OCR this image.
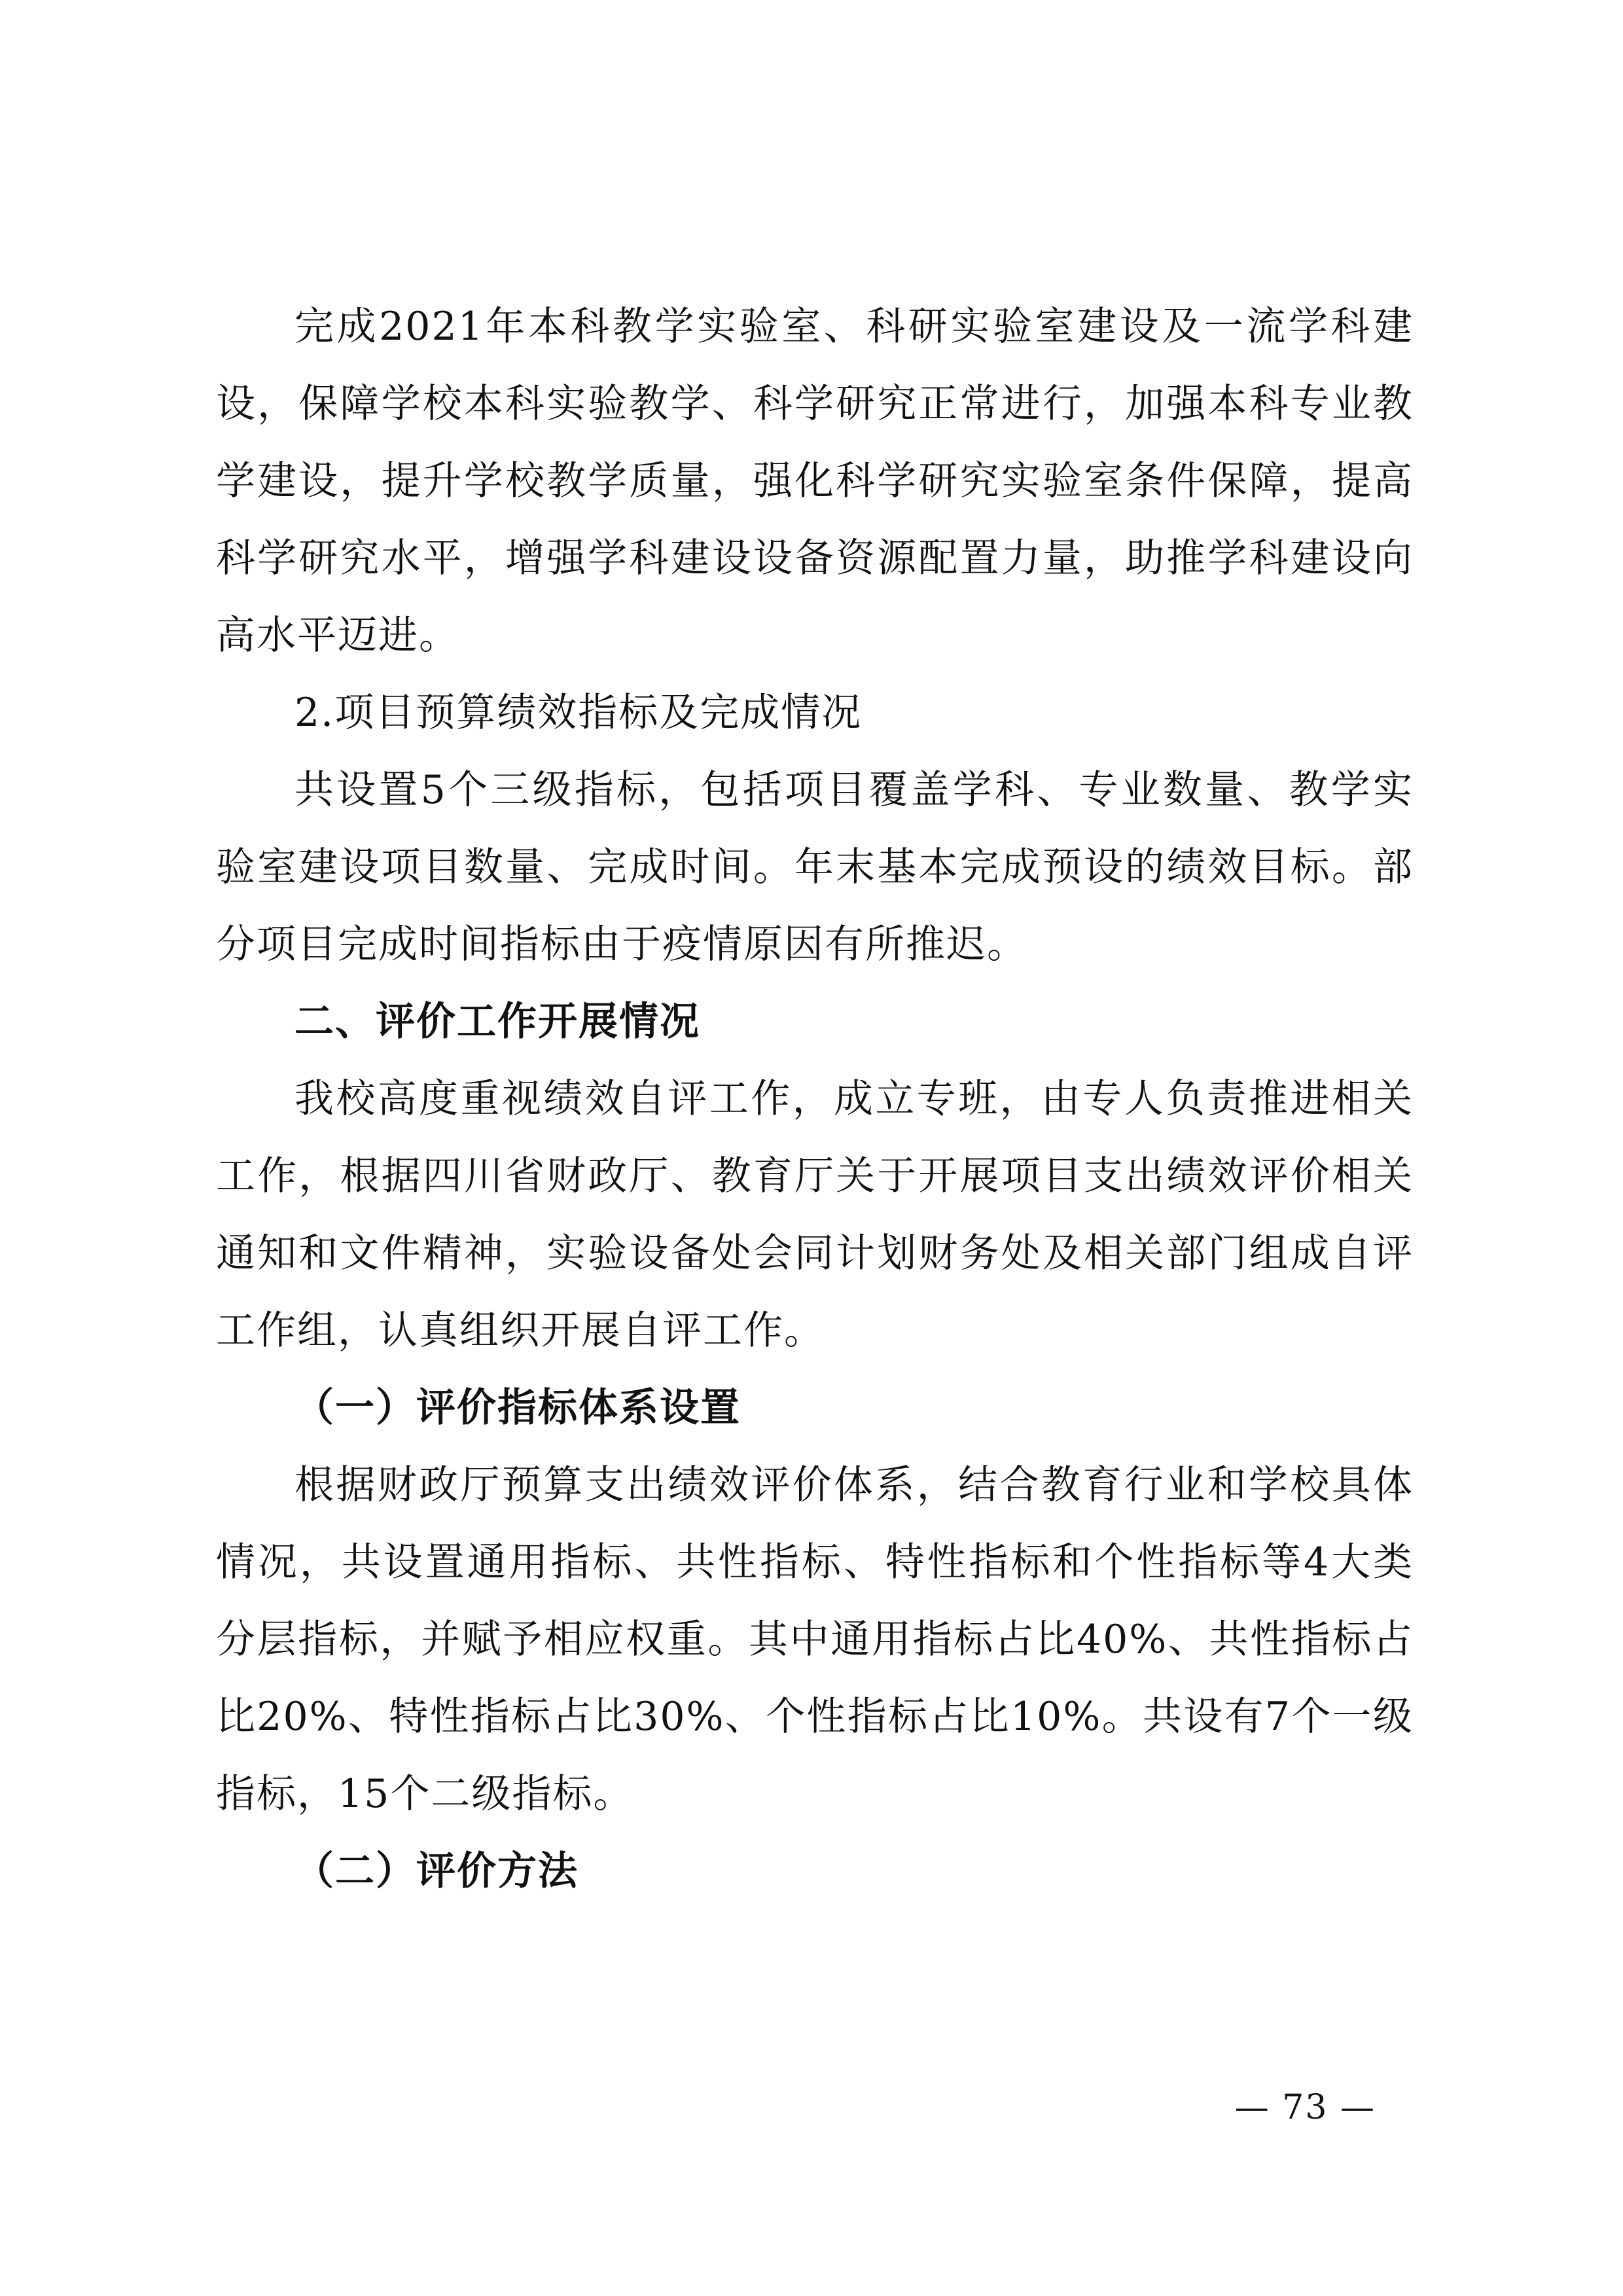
完成2021年本科教学实验室、科研实验室建设及一流学科建设，保障学校本科实验教学、科学研究正常进行，加强本科专业教学建设，提升学校教学质量，强化科学研究实验室条件保障，提高科学研究水平，增强学科建设设备资源配置力量，助推学科建设向高水平迈进。

2.项目预算绩效指标及完成情况

共设置5个三级指标，包括项目覆盖学科、专业数量、教学实验室建设项目数量、完成时间。年末基本完成预设的绩效目标。部分项目完成时间指标由于疫情原因有所推迟。

二、评价工作开展情况

我校高度重视绩效自评工作，成立专班，由专人负责推进相关工作，根据四川省财政厅、教育厅关于开展项目支出绩效评价相关通知和文件精神，实验设备处会同计划财务处及相关部门组成自评工作组，认真组织开展自评工作。

（一）评价指标体系设置

根据财政厅预算支出绩效评价体系，结合教育行业和学校具体情况，共设置通用指标、共性指标、特性指标和个性指标等4大类分层指标，并赋予相应权重。其中通用指标占比40%、共性指标占比20%、特性指标占比30%、个性指标占比10%。共设有7个一级指标，15个二级指标。

（二）评价方法

— 73 —
